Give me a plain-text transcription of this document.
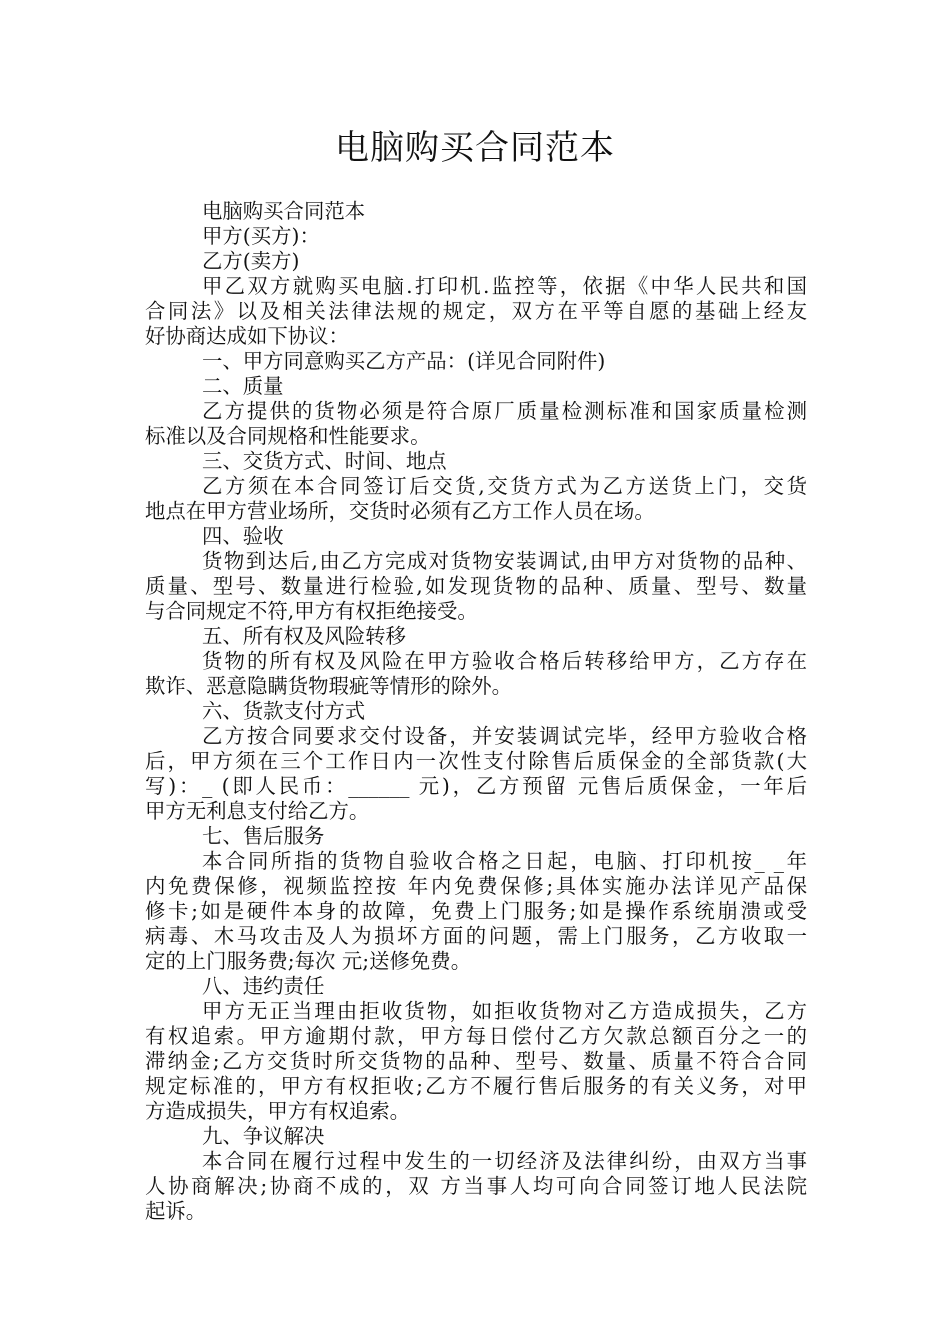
电脑购买合同范本

电脑购买合同范本

甲方(买方)：

乙方(卖方)

甲乙双方就购买电脑.打印机.监控等，依据《中华人民共和国

合同法》以及相关法律法规的规定，双方在平等自愿的基础上经友

好协商达成如下协议：

一、甲方同意购买乙方产品：(详见合同附件)

二、质量

乙方提供的货物必须是符合原厂质量检测标准和国家质量检测

标准以及合同规格和性能要求。

三、交货方式、时间、地点

乙方须在本合同签订后交货,交货方式为乙方送货上门，交货

地点在甲方营业场所，交货时必须有乙方工作人员在场。

四、验收

货物到达后,由乙方完成对货物安装调试,由甲方对货物的品种、

质量、型号、数量进行检验,如发现货物的品种、质量、型号、数量

与合同规定不符,甲方有权拒绝接受。

五、所有权及风险转移

货物的所有权及风险在甲方验收合格后转移给甲方，乙方存在

欺诈、恶意隐瞒货物瑕疵等情形的除外。

六、货款支付方式

乙方按合同要求交付设备，并安装调试完毕，经甲方验收合格

后，甲方须在三个工作日内一次性支付除售后质保金的全部货款(大

写)：_ (即人民币：______ 元)，乙方预留 元售后质保金，一年后

甲方无利息支付给乙方。

七、售后服务

本合同所指的货物自验收合格之日起，电脑、打印机按_ _年

内免费保修，视频监控按 年内免费保修;具体实施办法详见产品保

修卡;如是硬件本身的故障，免费上门服务;如是操作系统崩溃或受

病毒、木马攻击及人为损坏方面的问题，需上门服务，乙方收取一

定的上门服务费;每次 元;送修免费。

八、违约责任

甲方无正当理由拒收货物，如拒收货物对乙方造成损失，乙方

有权追索。甲方逾期付款，甲方每日偿付乙方欠款总额百分之一的

滞纳金;乙方交货时所交货物的品种、型号、数量、质量不符合合同

规定标准的，甲方有权拒收;乙方不履行售后服务的有关义务，对甲

方造成损失，甲方有权追索。

九、争议解决

本合同在履行过程中发生的一切经济及法律纠纷，由双方当事

人协商解决;协商不成的，双 方当事人均可向合同签订地人民法院

起诉。
